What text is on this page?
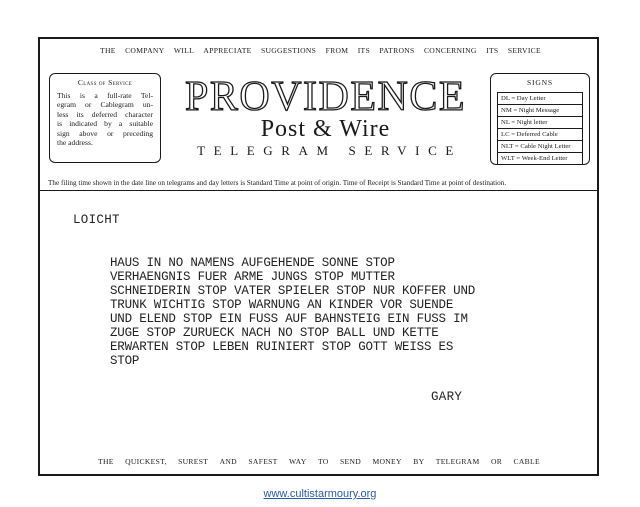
THE COMPANY WILL APPRECIATE SUGGESTIONS FROM ITS PATRONS CONCERNING ITS SERVICE
Class of Service
This is a full-rate Tel-
egram or Cablegram un-
less its deferred character
is indicated by a suitable
sign above or preceding
the address.
PROVIDENCE
Post & Wire
TELEGRAM SERVICE
SIGNS
DL = Day Letter
NM = Night Message
NL = Night letter
LC = Deferred Cable
NLT = Cable Night Letter
WLT = Week-End Letter
The filing time shown in the date line on telegrams and day letters is Standard Time at point of origin. Time of Receipt is Standard Time at point of destination.
LOICHT
HAUS IN NO NAMENS AUFGEHENDE SONNE STOP
VERHAENGNIS FUER ARME JUNGS STOP MUTTER
SCHNEIDERIN STOP VATER SPIELER STOP NUR KOFFER UND
TRUNK WICHTIG STOP WARNUNG AN KINDER VOR SUENDE
UND ELEND STOP EIN FUSS AUF BAHNSTEIG EIN FUSS IM
ZUGE STOP ZURUECK NACH NO STOP BALL UND KETTE
ERWARTEN STOP LEBEN RUINIERT STOP GOTT WEISS ES
STOP
GARY
THE QUICKEST, SUREST AND SAFEST WAY TO SEND MONEY BY TELEGRAM OR CABLE
www.cultistarmoury.org
